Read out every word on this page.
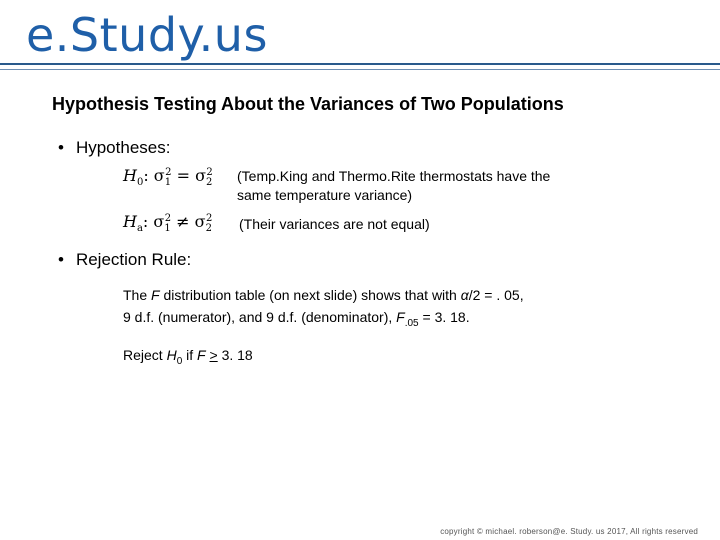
e.Study.us
Hypothesis Testing About the Variances of Two Populations
• Hypotheses:
$H_0$: $\sigma_1^2 = \sigma_2^2$ (Temp.King and Thermo.Rite thermostats have the same temperature variance)
$H_a$: $\sigma_1^2 \ne \sigma_2^2$ (Their variances are not equal)
• Rejection Rule:
The F distribution table (on next slide) shows that with α/2 = . 05,
9 d.f. (numerator), and 9 d.f. (denominator), $F_{.05} = 3$. 18.
Reject $H_0$ if F > 3. 18
copyright © michael. roberson@e. Study. us 2017, All rights reserved
